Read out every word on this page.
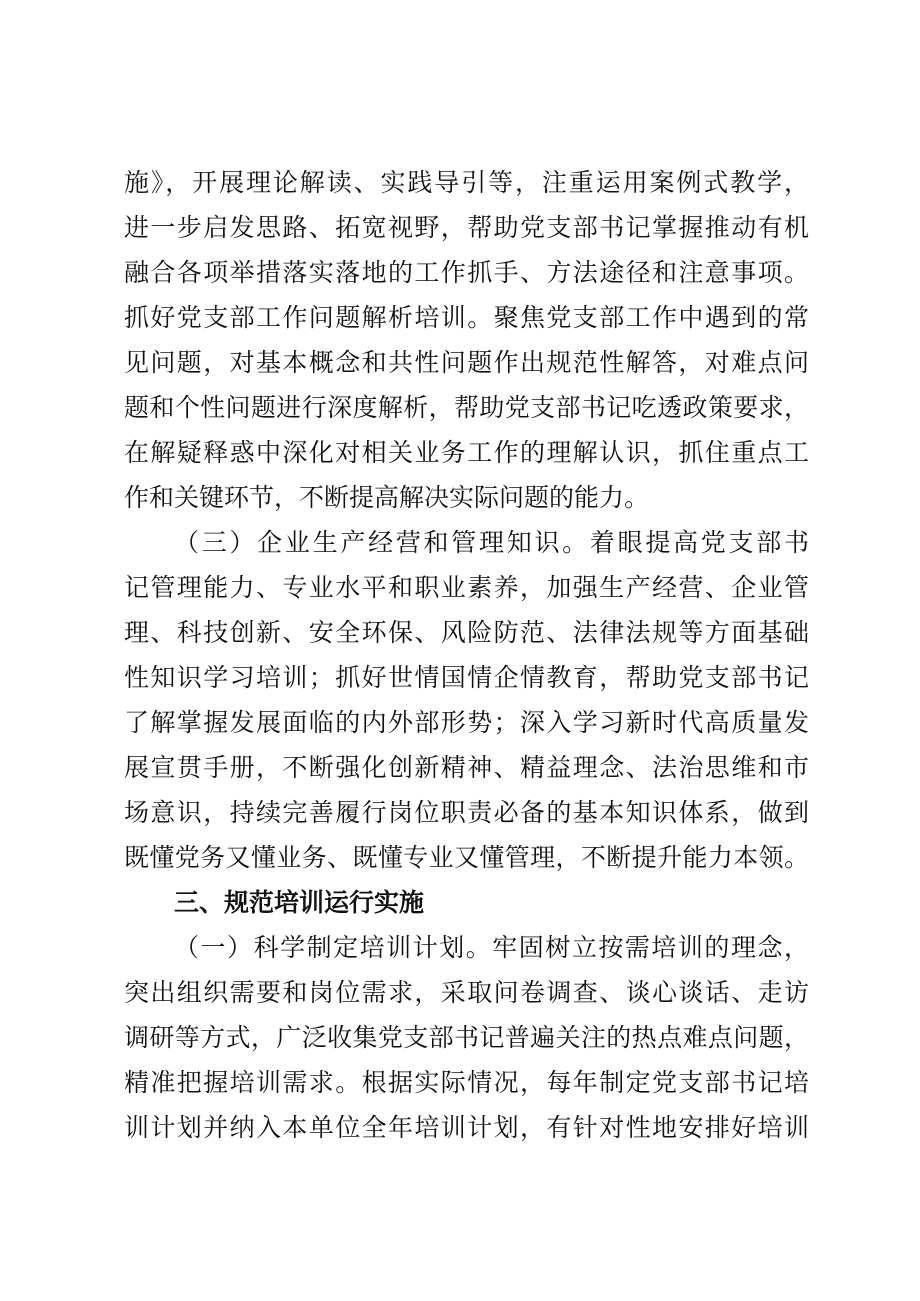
施》，开展理论解读、实践导引等，注重运用案例式教学，

进一步启发思路、拓宽视野，帮助党支部书记掌握推动有机

融合各项举措落实落地的工作抓手、方法途径和注意事项。

抓好党支部工作问题解析培训。聚焦党支部工作中遇到的常

见问题，对基本概念和共性问题作出规范性解答，对难点问

题和个性问题进行深度解析，帮助党支部书记吃透政策要求，

在解疑释惑中深化对相关业务工作的理解认识，抓住重点工

作和关键环节，不断提高解决实际问题的能力。

（三）企业生产经营和管理知识。着眼提高党支部书

记管理能力、专业水平和职业素养，加强生产经营、企业管

理、科技创新、安全环保、风险防范、法律法规等方面基础

性知识学习培训；抓好世情国情企情教育，帮助党支部书记

了解掌握发展面临的内外部形势；深入学习新时代高质量发

展宣贯手册，不断强化创新精神、精益理念、法治思维和市

场意识，持续完善履行岗位职责必备的基本知识体系，做到

既懂党务又懂业务、既懂专业又懂管理，不断提升能力本领。

三、规范培训运行实施

（一）科学制定培训计划。牢固树立按需培训的理念，

突出组织需要和岗位需求，采取问卷调查、谈心谈话、走访

调研等方式，广泛收集党支部书记普遍关注的热点难点问题，

精准把握培训需求。根据实际情况，每年制定党支部书记培

训计划并纳入本单位全年培训计划，有针对性地安排好培训
